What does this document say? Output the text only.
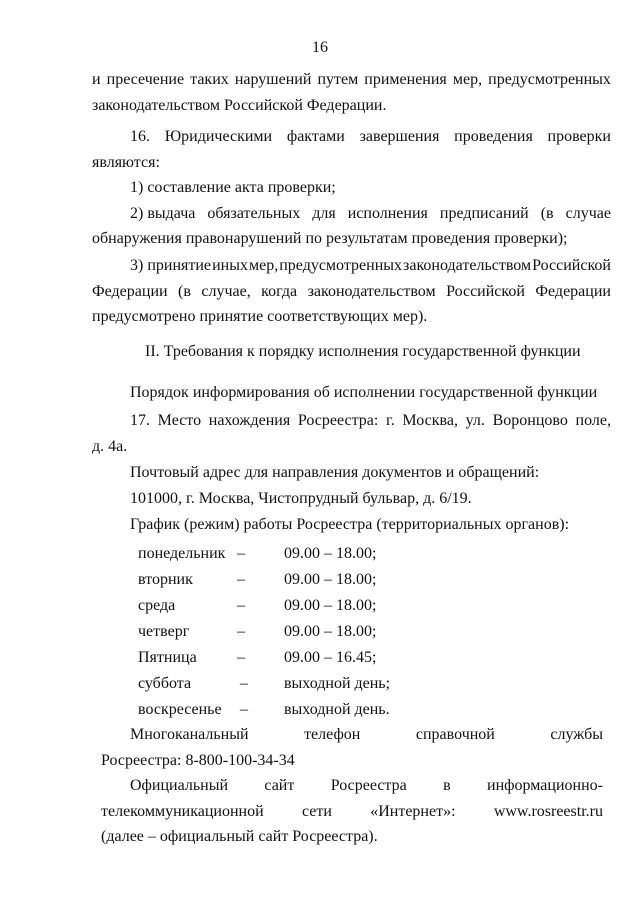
16
и пресечение таких нарушений путем применения мер, предусмотренных
законодательством Российской Федерации.
16. Юридическими фактами завершения проведения проверки
являются:
1) составление акта проверки;
2) выдача обязательных для исполнения предписаний (в случае
обнаружения правонарушений по результатам проведения проверки);
3) принятие иных мер, предусмотренных законодательством Российской
Федерации (в случае, когда законодательством Российской Федерации
предусмотрено принятие соответствующих мер).
II. Требования к порядку исполнения государственной функции
Порядок информирования об исполнении государственной функции
17. Место нахождения Росреестра: г. Москва, ул. Воронцово поле,
д. 4а.
Почтовый адрес для направления документов и обращений:
101000, г. Москва, Чистопрудный бульвар, д. 6/19.
График (режим) работы Росреестра (территориальных органов):
понедельник – 09.00 – 18.00;
вторник	– 09.00 – 18.00;
среда	– 09.00 – 18.00;
четверг	– 09.00 – 18.00;
Пятница	– 09.00 – 16.45;
суббота	– выходной день;
воскресенье – выходной день.
Многоканальный	телефон	справочной	службы
Росреестра: 8-800-100-34-34
Официальный сайт Росреестра в информационно-
телекоммуникационной сети «Интернет»: www.rosreestr.ru
(далее – официальный сайт Росреестра).
